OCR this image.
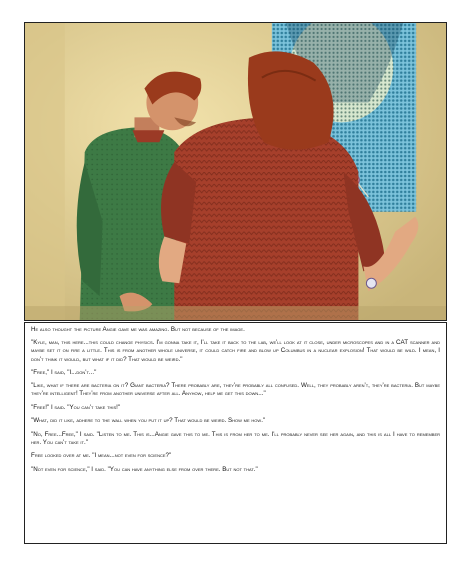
He also thought the picture Angie gave me was amazing. But not because of the image.

"Kyle, man, this here...this could change physics. I'm gonna take it, I'll take it back to the lab, we'll look at it close, under microscopes and in a CAT scanner and maybe set it on fire a little. This is from another whole universe, it could catch fire and blow up Columbus in a nuclear explosion! That would be wild. I mean, I don't think it would, but what if it did? That would be weird."

"Free," I said, "I...don't..."

"Like, what if there are bacteria on it? Giant bacteria? There probably are, they're probably all confused. Well, they probably aren't, they're bacteria. But maybe they're intelligent! They're from another universe after all. Anyhow, help me get this down..."

"Free!" I said. "You can't take this!"

"What, did it like, adhere to the wall when you put it up? That would be weird. Show me how."

"No, Free...Free," I said. "Listen to me. This is...Angie gave this to me. This is from her to me. I'll probably never see her again, and this is all I have to remember her. You can't take it."

Free looked over at me. "I mean...not even for science?"

"Not even for science," I said. "You can have anything else from over there. But not that."
